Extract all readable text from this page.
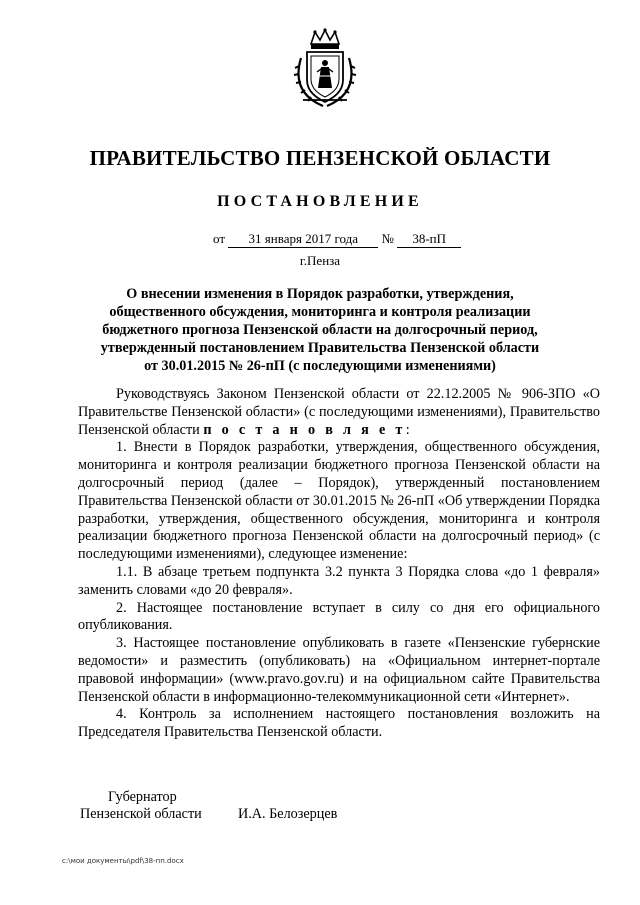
ПРАВИТЕЛЬСТВО ПЕНЗЕНСКОЙ ОБЛАСТИ
ПОСТАНОВЛЕНИЕ
от 31 января 2017 года № 38-пП
г.Пенза
О внесении изменения в Порядок разработки, утверждения,
общественного обсуждения, мониторинга и контроля реализации
бюджетного прогноза Пензенской области на долгосрочный период,
утвержденный постановлением Правительства Пензенской области
от 30.01.2015 № 26-пП (с последующими изменениями)

Руководствуясь Законом Пензенской области от 22.12.2005 № 906-ЗПО «О Правительстве Пензенской области» (с последующими изменениями), Правительство Пензенской области п о с т а н о в л я е т:

1. Внести в Порядок разработки, утверждения, общественного обсуждения, мониторинга и контроля реализации бюджетного прогноза Пензенской области на долгосрочный период (далее – Порядок), утвержденный постановлением Правительства Пензенской области от 30.01.2015 № 26-пП «Об утверждении Порядка разработки, утверждения, общественного обсуждения, мониторинга и контроля реализации бюджетного прогноза Пензенской области на долгосрочный период» (с последующими изменениями), следующее изменение:

1.1. В абзаце третьем подпункта 3.2 пункта 3 Порядка слова «до 1 февраля» заменить словами «до 20 февраля».

2. Настоящее постановление вступает в силу со дня его официального опубликования.

3. Настоящее постановление опубликовать в газете «Пензенские губернские ведомости» и разместить (опубликовать) на «Официальном интернет-портале правовой информации» (www.pravo.gov.ru) и на официальном сайте Правительства Пензенской области в информационно-телекоммуникационной сети «Интернет».

4. Контроль за исполнением настоящего постановления возложить на Председателя Правительства Пензенской области.

Губернатор
Пензенской области	И.А. Белозерцев
c:\мои документы\pdf\38-пп.docx
